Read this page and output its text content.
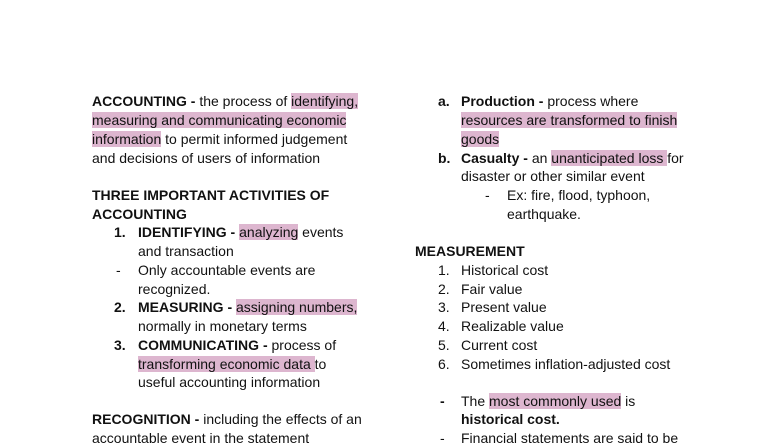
ACCOUNTING - the process of identifying,
measuring and communicating economic
information to permit informed judgement
and decisions of users of information
THREE IMPORTANT ACTIVITIES OF
ACCOUNTING
1. IDENTIFYING - analyzing events
and transaction
- Only accountable events are
recognized.
2. MEASURING - assigning numbers,
normally in monetary terms
3. COMMUNICATING - process of
transforming economic data to
useful accounting information
RECOGNITION - including the effects of an
accountable event in the statement
a. Production - process where
resources are transformed to finish
goods
b. Casualty - an unanticipated loss for
disaster or other similar event
- Ex: fire, flood, typhoon,
earthquake.
MEASUREMENT
1. Historical cost
2. Fair value
3. Present value
4. Realizable value
5. Current cost
6. Sometimes inflation-adjusted cost
- The most commonly used is
historical cost.
- Financial statements are said to be
